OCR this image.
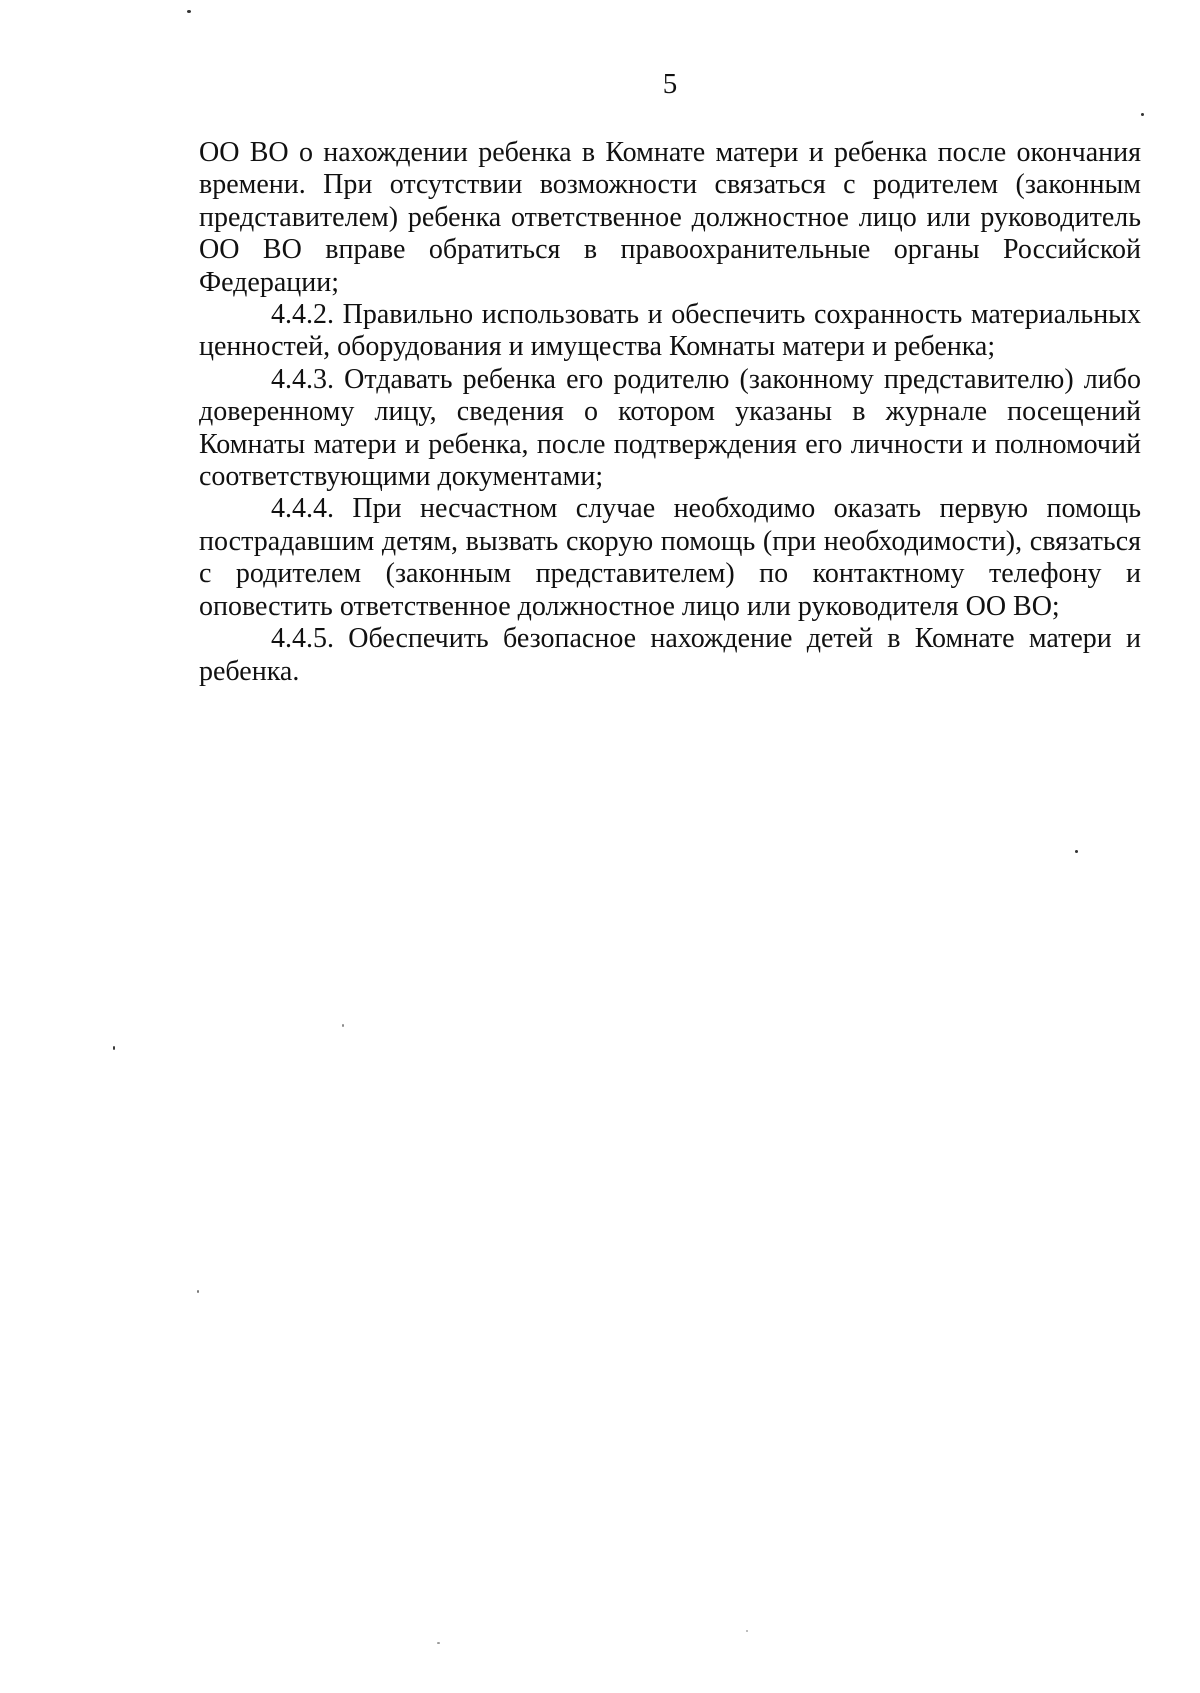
5

ОО ВО о нахождении ребенка в Комнате матери и ребенка после окончания времени. При отсутствии возможности связаться с родителем (законным представителем) ребенка ответственное должностное лицо или руководитель ОО ВО вправе обратиться в правоохранительные органы Российской Федерации;

4.4.2. Правильно использовать и обеспечить сохранность материальных ценностей, оборудования и имущества Комнаты матери и ребенка;

4.4.3. Отдавать ребенка его родителю (законному представителю) либо доверенному лицу, сведения о котором указаны в журнале посещений Комнаты матери и ребенка, после подтверждения его личности и полномочий соответствующими документами;

4.4.4. При несчастном случае необходимо оказать первую помощь пострадавшим детям, вызвать скорую помощь (при необходимости), связаться с родителем (законным представителем) по контактному телефону и оповестить ответственное должностное лицо или руководителя ОО ВО;

4.4.5. Обеспечить безопасное нахождение детей в Комнате матери и ребенка.
